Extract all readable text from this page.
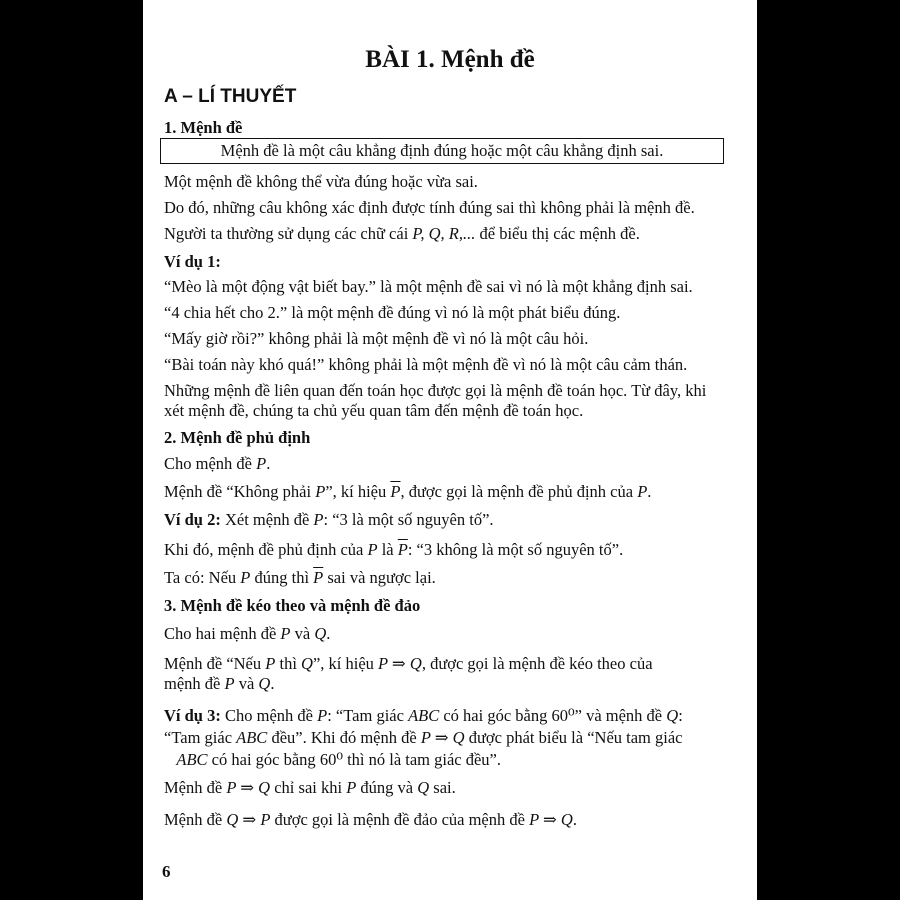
BÀI 1. Mệnh đề
A – LÍ THUYẾT
1. Mệnh đề
Mệnh đề là một câu khẳng định đúng hoặc một câu khẳng định sai.
Một mệnh đề không thể vừa đúng hoặc vừa sai.
Do đó, những câu không xác định được tính đúng sai thì không phải là mệnh đề.
Người ta thường sử dụng các chữ cái P, Q, R,... để biểu thị các mệnh đề.
Ví dụ 1:
“Mèo là một động vật biết bay.” là một mệnh đề sai vì nó là một khẳng định sai.
“4 chia hết cho 2.” là một mệnh đề đúng vì nó là một phát biểu đúng.
“Mấy giờ rồi?” không phải là một mệnh đề vì nó là một câu hỏi.
“Bài toán này khó quá!” không phải là một mệnh đề vì nó là một câu cảm thán.
Những mệnh đề liên quan đến toán học được gọi là mệnh đề toán học. Từ đây, khi
xét mệnh đề, chúng ta chủ yếu quan tâm đến mệnh đề toán học.
2. Mệnh đề phủ định
Cho mệnh đề P.
Mệnh đề “Không phải P”, kí hiệu $\overline{P}$, được gọi là mệnh đề phủ định của P.
Ví dụ 2: Xét mệnh đề P: “3 là một số nguyên tố”.
Khi đó, mệnh đề phủ định của P là $\overline{P}$: “3 không là một số nguyên tố”.
Ta có: Nếu P đúng thì $\overline{P}$ sai và ngược lại.
3. Mệnh đề kéo theo và mệnh đề đảo
Cho hai mệnh đề P và Q.
Mệnh đề “Nếu P thì Q”, kí hiệu P ⇒ Q, được gọi là mệnh đề kéo theo của
mệnh đề P và Q.
Ví dụ 3: Cho mệnh đề P: “Tam giác ABC có hai góc bằng 60⁰” và mệnh đề Q:
“Tam giác ABC đều”. Khi đó mệnh đề P ⇒ Q được phát biểu là “Nếu tam giác
ABC có hai góc bằng 60⁰ thì nó là tam giác đều”.
Mệnh đề P ⇒ Q chỉ sai khi P đúng và Q sai.
Mệnh đề Q ⇒ P được gọi là mệnh đề đảo của mệnh đề P ⇒ Q.
6
